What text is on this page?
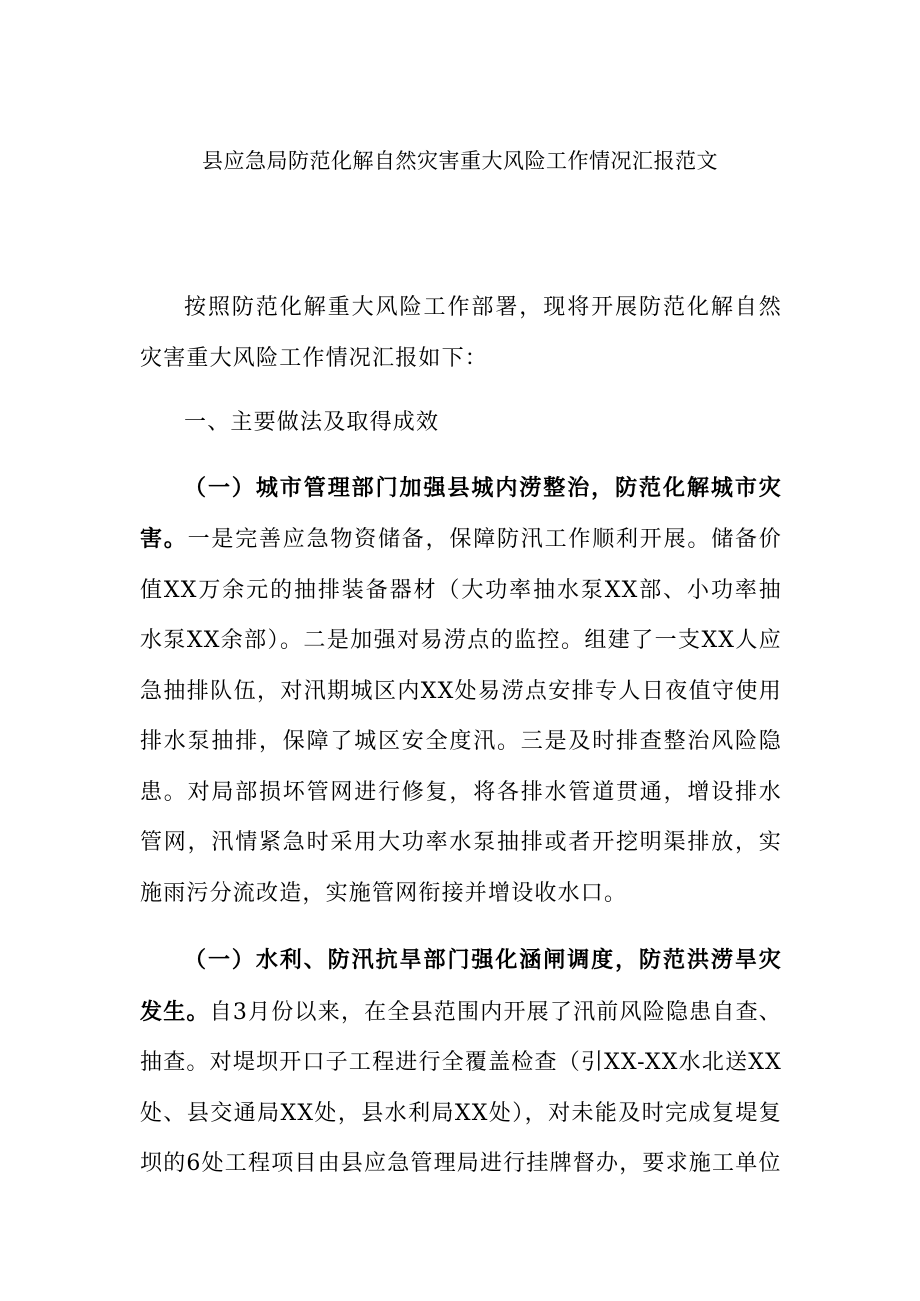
县应急局防范化解自然灾害重大风险工作情况汇报范文

按照防范化解重大风险工作部署，现将开展防范化解自然灾害重大风险工作情况汇报如下：

一、主要做法及取得成效

（一）城市管理部门加强县城内涝整治，防范化解城市灾害。一是完善应急物资储备，保障防汛工作顺利开展。储备价值XX万余元的抽排装备器材（大功率抽水泵XX部、小功率抽水泵XX余部）。二是加强对易涝点的监控。组建了一支XX人应急抽排队伍，对汛期城区内XX处易涝点安排专人日夜值守使用排水泵抽排，保障了城区安全度汛。三是及时排查整治风险隐患。对局部损坏管网进行修复，将各排水管道贯通，增设排水管网，汛情紧急时采用大功率水泵抽排或者开挖明渠排放，实施雨污分流改造，实施管网衔接并增设收水口。

（一）水利、防汛抗旱部门强化涵闸调度，防范洪涝旱灾发生。自3月份以来，在全县范围内开展了汛前风险隐患自查、抽查。对堤坝开口子工程进行全覆盖检查（引XX-XX水北送XX处、县交通局XX处，县水利局XX处），对未能及时完成复堤复坝的6处工程项目由县应急管理局进行挂牌督办，要求施工单位
